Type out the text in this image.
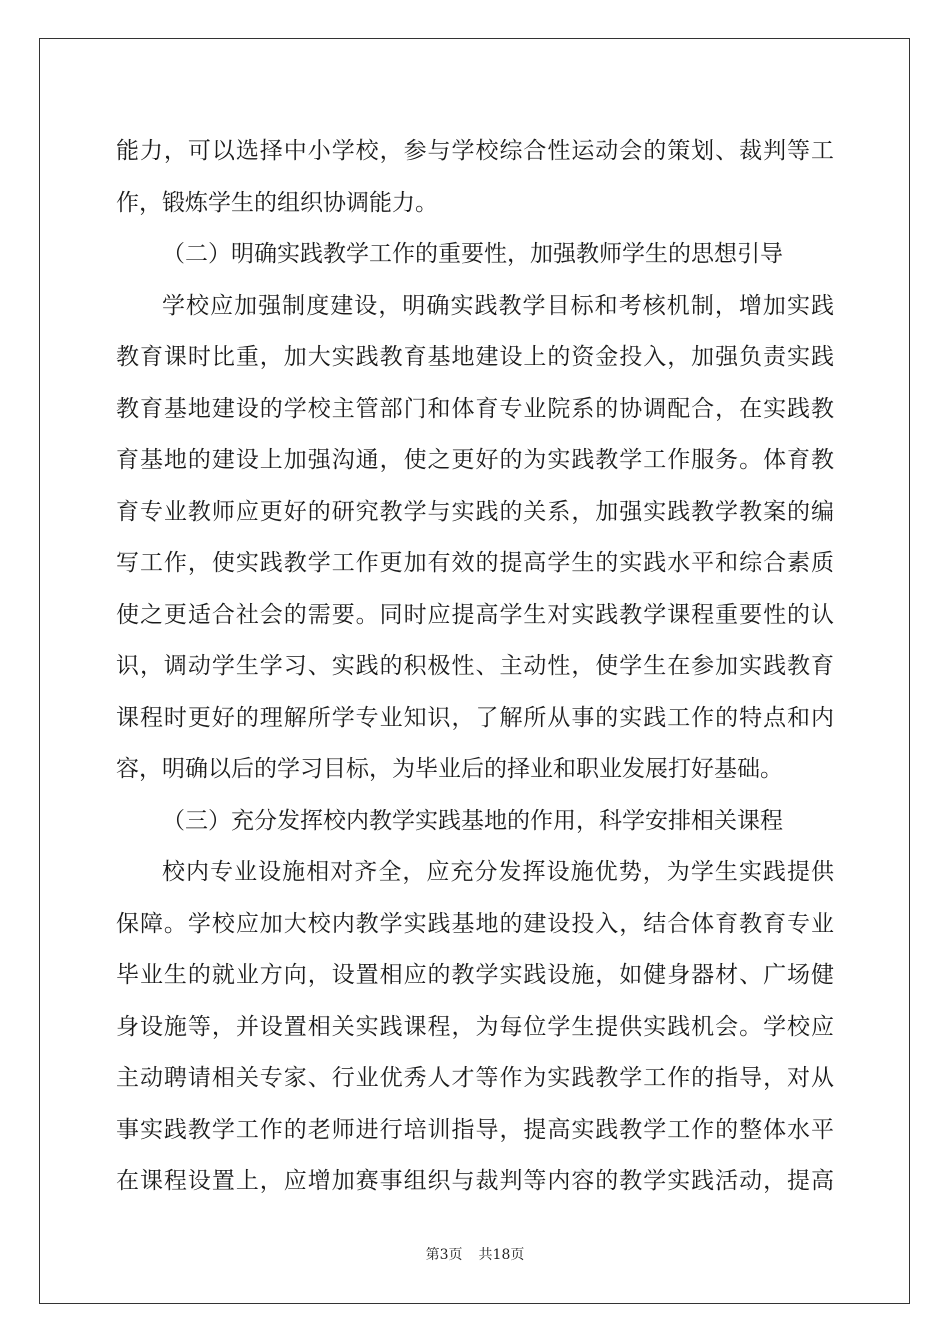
能力，可以选择中小学校，参与学校综合性运动会的策划、裁判等工
作，锻炼学生的组织协调能力。
（二）明确实践教学工作的重要性，加强教师学生的思想引导
学校应加强制度建设，明确实践教学目标和考核机制，增加实践
教育课时比重，加大实践教育基地建设上的资金投入，加强负责实践
教育基地建设的学校主管部门和体育专业院系的协调配合，在实践教
育基地的建设上加强沟通，使之更好的为实践教学工作服务。体育教
育专业教师应更好的研究教学与实践的关系，加强实践教学教案的编
写工作，使实践教学工作更加有效的提高学生的实践水平和综合素质
使之更适合社会的需要。同时应提高学生对实践教学课程重要性的认
识，调动学生学习、实践的积极性、主动性，使学生在参加实践教育
课程时更好的理解所学专业知识，了解所从事的实践工作的特点和内
容，明确以后的学习目标，为毕业后的择业和职业发展打好基础。
（三）充分发挥校内教学实践基地的作用，科学安排相关课程
校内专业设施相对齐全，应充分发挥设施优势，为学生实践提供
保障。学校应加大校内教学实践基地的建设投入，结合体育教育专业
毕业生的就业方向，设置相应的教学实践设施，如健身器材、广场健
身设施等，并设置相关实践课程，为每位学生提供实践机会。学校应
主动聘请相关专家、行业优秀人才等作为实践教学工作的指导，对从
事实践教学工作的老师进行培训指导，提高实践教学工作的整体水平
在课程设置上，应增加赛事组织与裁判等内容的教学实践活动，提高
第3页 共18页
